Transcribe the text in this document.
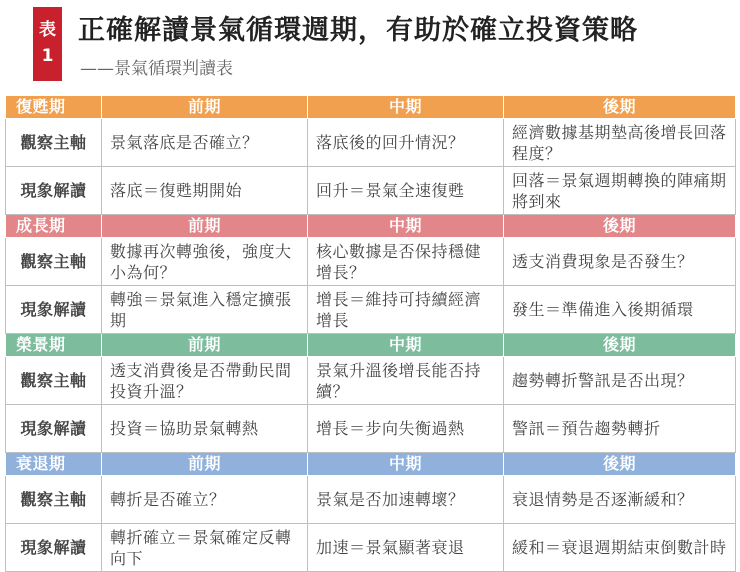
表
1
正確解讀景氣循環週期，有助於確立投資策略
——景氣循環判讀表
復甦期	前期	中期	後期
觀察主軸	景氣落底是否確立？	落底後的回升情況？	經濟數據基期墊高後增長回落程度？
現象解讀	落底＝復甦期開始	回升＝景氣全速復甦	回落＝景氣週期轉換的陣痛期將到來
成長期	前期	中期	後期
觀察主軸	數據再次轉強後，強度大小為何？	核心數據是否保持穩健增長？	透支消費現象是否發生？
現象解讀	轉強＝景氣進入穩定擴張期	增長＝維持可持續經濟增長	發生＝準備進入後期循環
榮景期	前期	中期	後期
觀察主軸	透支消費後是否帶動民間投資升溫？	景氣升溫後增長能否持續？	趨勢轉折警訊是否出現？
現象解讀	投資＝協助景氣轉熱	增長＝步向失衡過熱	警訊＝預告趨勢轉折
衰退期	前期	中期	後期
觀察主軸	轉折是否確立？	景氣是否加速轉壞？	衰退情勢是否逐漸緩和？
現象解讀	轉折確立＝景氣確定反轉向下	加速＝景氣顯著衰退	緩和＝衰退週期結束倒數計時
